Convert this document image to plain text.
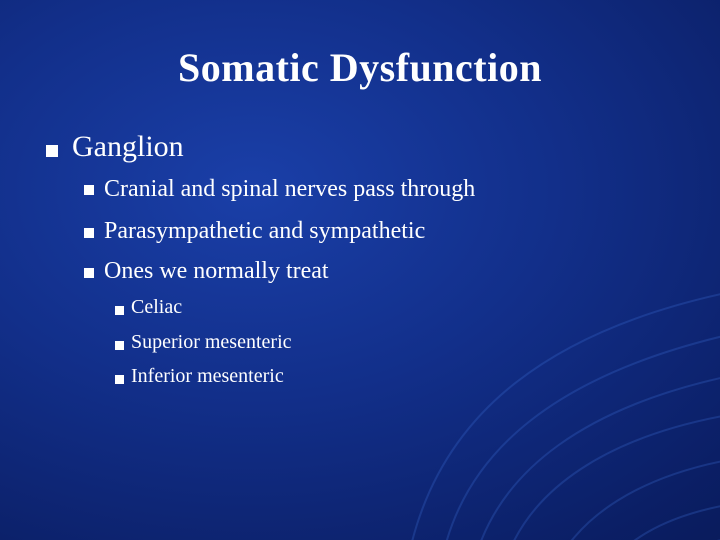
Somatic Dysfunction
Ganglion
Cranial and spinal nerves pass through
Parasympathetic and sympathetic
Ones we normally treat
Celiac
Superior mesenteric
Inferior mesenteric
